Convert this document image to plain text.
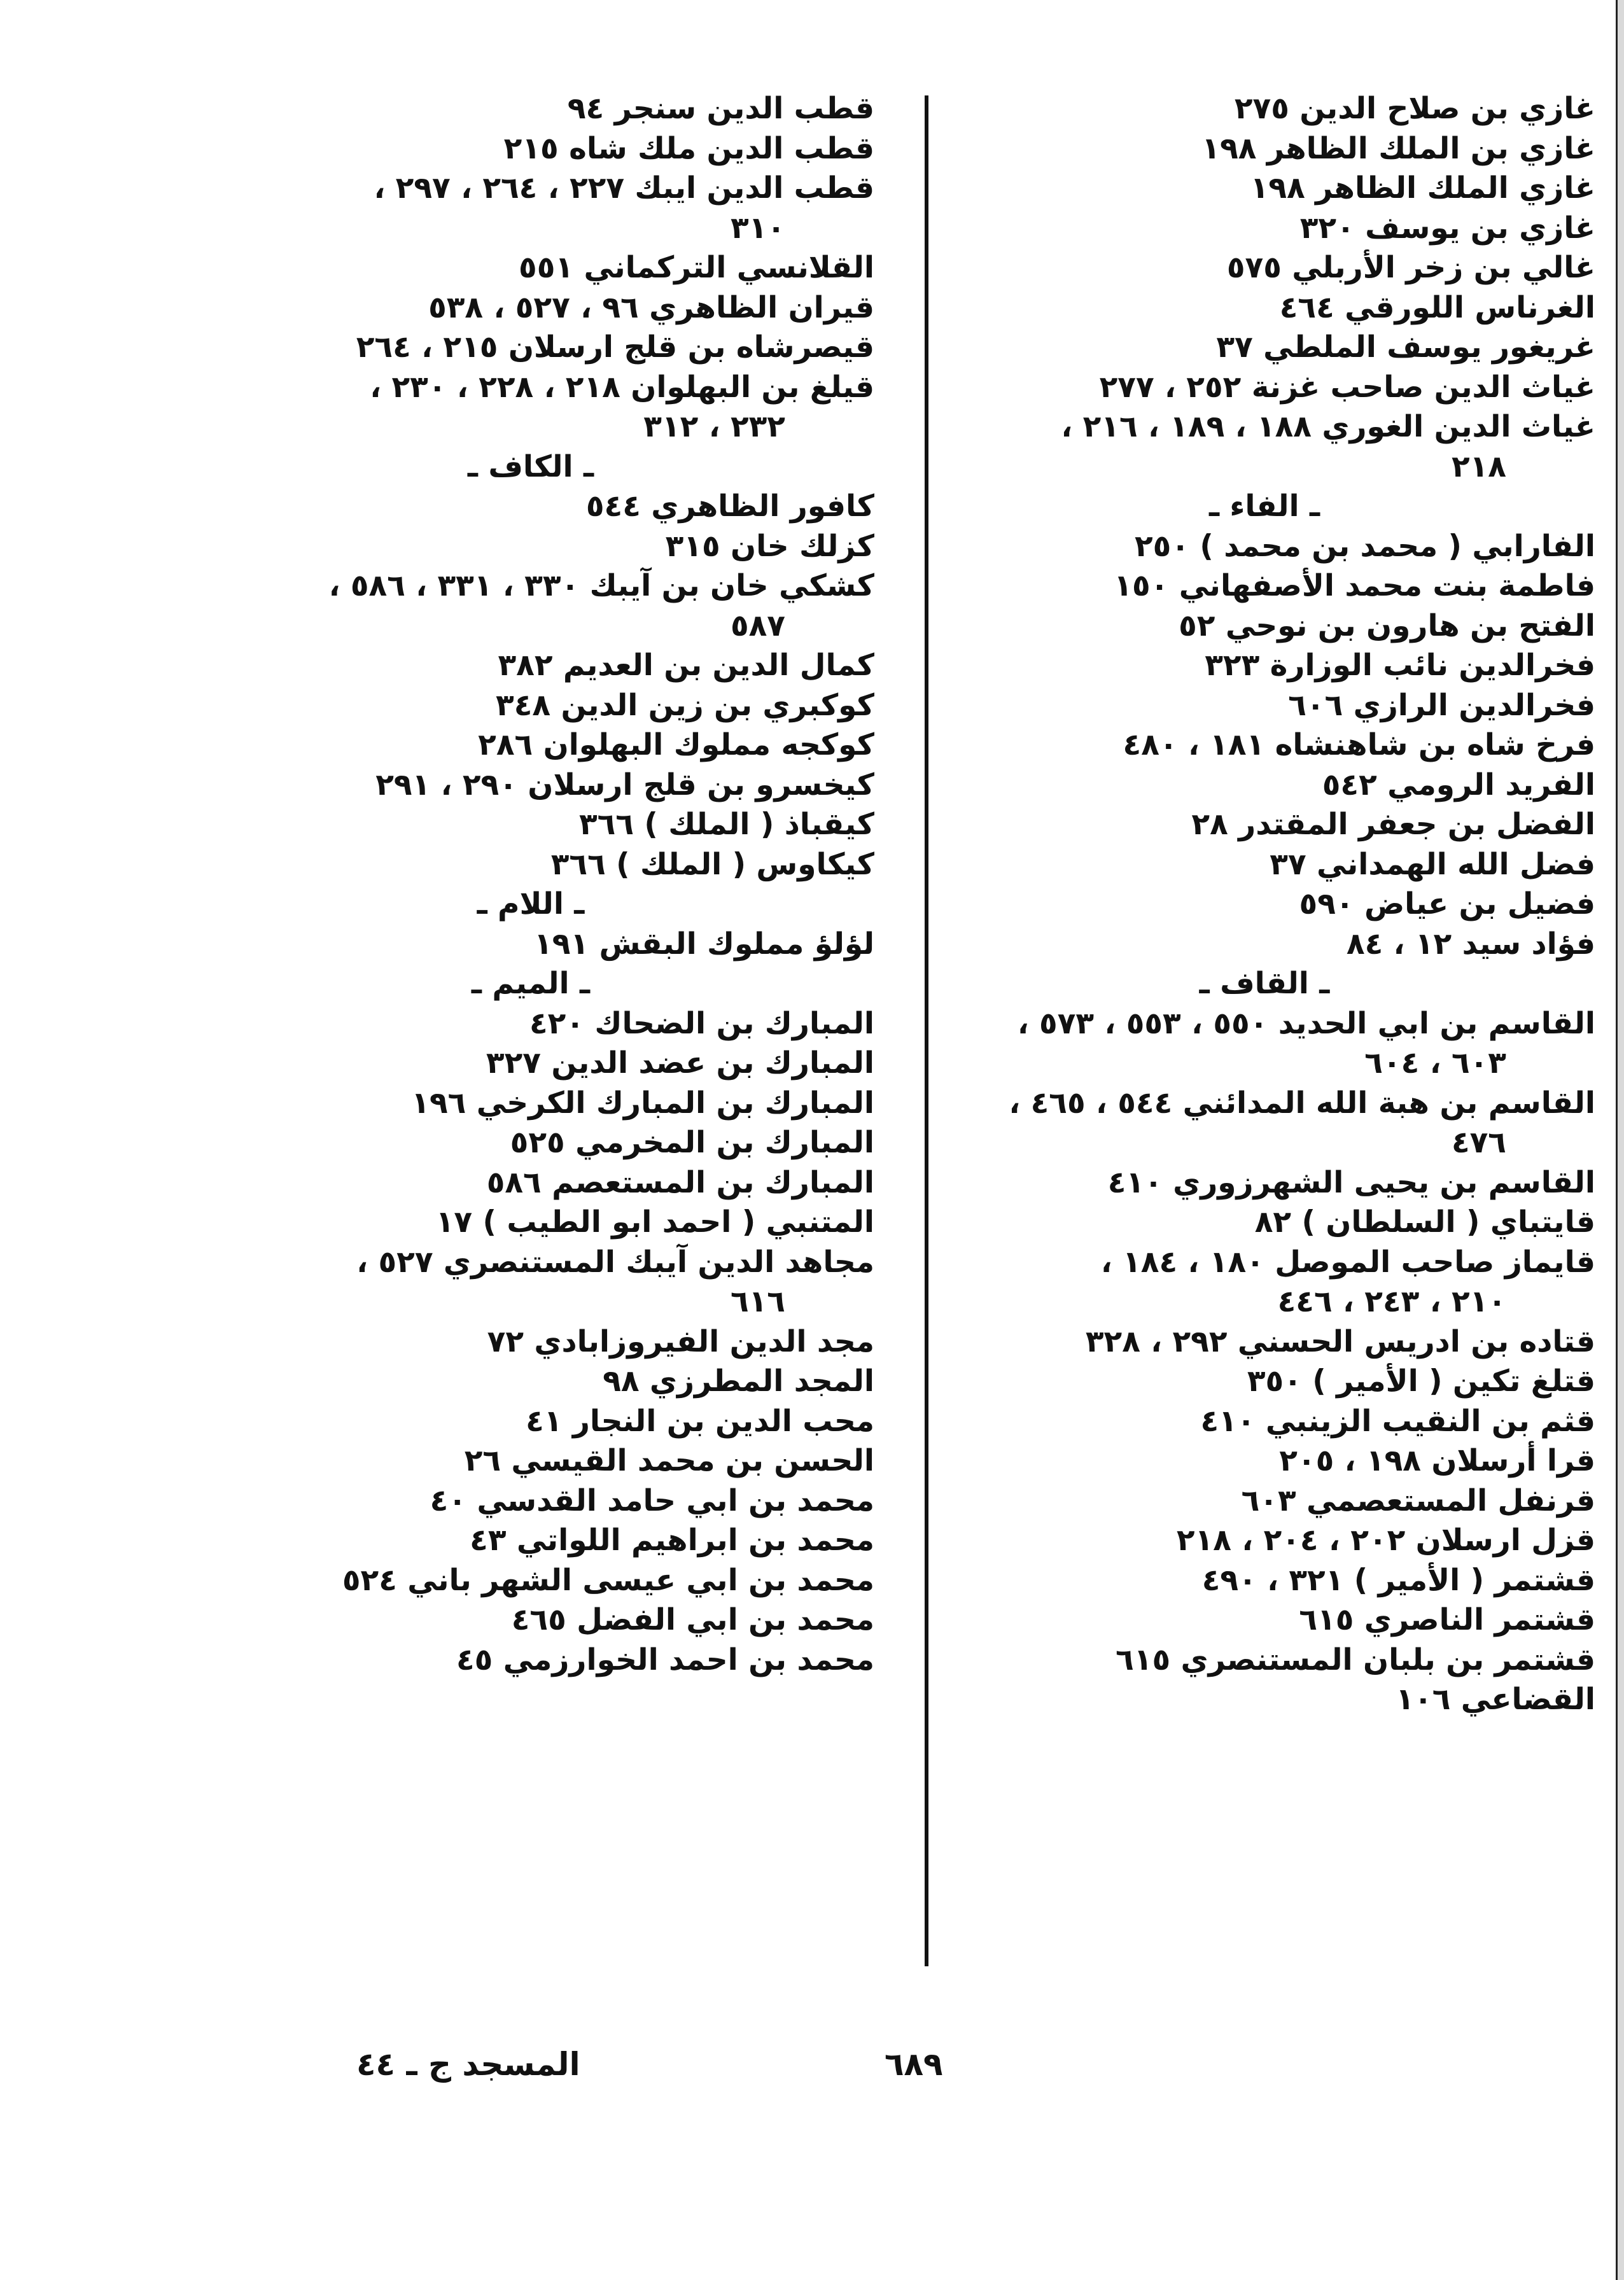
غازي بن صلاح الدين ٢٧٥
غازي بن الملك الظاهر ١٩٨
غازي الملك الظاهر ١٩٨
غازي بن يوسف ٣٢٠
غالي بن زخر الأربلي ٥٧٥
الغرناس اللورقي ٤٦٤
غريغور يوسف الملطي ٣٧
غياث الدين صاحب غزنة ٢٥٢ ، ٢٧٧
غياث الدين الغوري ١٨٨ ، ١٨٩ ، ٢١٦ ،
٢١٨
ـ الفاء ـ
الفارابي ( محمد بن محمد ) ٢٥٠
فاطمة بنت محمد الأصفهاني ١٥٠
الفتح بن هارون بن نوحي ٥٢
فخرالدين نائب الوزارة ٣٢٣
فخرالدين الرازي ٦٠٦
فرخ شاه بن شاهنشاه ١٨١ ، ٤٨٠
الفريد الرومي ٥٤٢
الفضل بن جعفر المقتدر ٢٨
فضل الله الهمداني ٣٧
فضيل بن عياض ٥٩٠
فؤاد سيد ١٢ ، ٨٤
ـ القاف ـ
القاسم بن ابي الحديد ٥٥٠ ، ٥٥٣ ، ٥٧٣ ،
٦٠٣ ، ٦٠٤
القاسم بن هبة الله المدائني ٥٤٤ ، ٤٦٥ ،
٤٧٦
القاسم بن يحيى الشهرزوري ٤١٠
قايتباي ( السلطان ) ٨٢
قايماز صاحب الموصل ١٨٠ ، ١٨٤ ،
٢١٠ ، ٢٤٣ ، ٤٤٦
قتاده بن ادريس الحسني ٢٩٢ ، ٣٢٨
قتلغ تكين ( الأمير ) ٣٥٠
قثم بن النقيب الزينبي ٤١٠
قرا أرسلان ١٩٨ ، ٢٠٥
قرنفل المستعصمي ٦٠٣
قزل ارسلان ٢٠٢ ، ٢٠٤ ، ٢١٨
قشتمر ( الأمير ) ٣٢١ ، ٤٩٠
قشتمر الناصري ٦١٥
قشتمر بن بلبان المستنصري ٦١٥
القضاعي ١٠٦
قطب الدين سنجر ٩٤
قطب الدين ملك شاه ٢١٥
قطب الدين ايبك ٢٢٧ ، ٢٦٤ ، ٢٩٧ ،
٣١٠
القلانسي التركماني ٥٥١
قيران الظاهري ٩٦ ، ٥٢٧ ، ٥٣٨
قيصرشاه بن قلج ارسلان ٢١٥ ، ٢٦٤
قيلغ بن البهلوان ٢١٨ ، ٢٢٨ ، ٢٣٠ ،
٢٣٢ ، ٣١٢
ـ الكاف ـ
كافور الظاهري ٥٤٤
كزلك خان ٣١٥
كشكي خان بن آيبك ٣٣٠ ، ٣٣١ ، ٥٨٦ ،
٥٨٧
كمال الدين بن العديم ٣٨٢
كوكبري بن زين الدين ٣٤٨
كوكجه مملوك البهلوان ٢٨٦
كيخسرو بن قلج ارسلان ٢٩٠ ، ٢٩١
كيقباذ ( الملك ) ٣٦٦
كيكاوس ( الملك ) ٣٦٦
ـ اللام ـ
لؤلؤ مملوك البقش ١٩١
ـ الميم ـ
المبارك بن الضحاك ٤٢٠
المبارك بن عضد الدين ٣٢٧
المبارك بن المبارك الكرخي ١٩٦
المبارك بن المخرمي ٥٢٥
المبارك بن المستعصم ٥٨٦
المتنبي ( احمد ابو الطيب ) ١٧
مجاهد الدين آيبك المستنصري ٥٢٧ ،
٦١٦
مجد الدين الفيروزابادي ٧٢
المجد المطرزي ٩٨
محب الدين بن النجار ٤١
الحسن بن محمد القيسي ٢٦
محمد بن ابي حامد القدسي ٤٠
محمد بن ابراهيم اللواتي ٤٣
محمد بن ابي عيسى الشهر باني ٥٢٤
محمد بن ابي الفضل ٤٦٥
محمد بن احمد الخوارزمي ٤٥
٦٨٩
المسجد ج ـ ٤٤
